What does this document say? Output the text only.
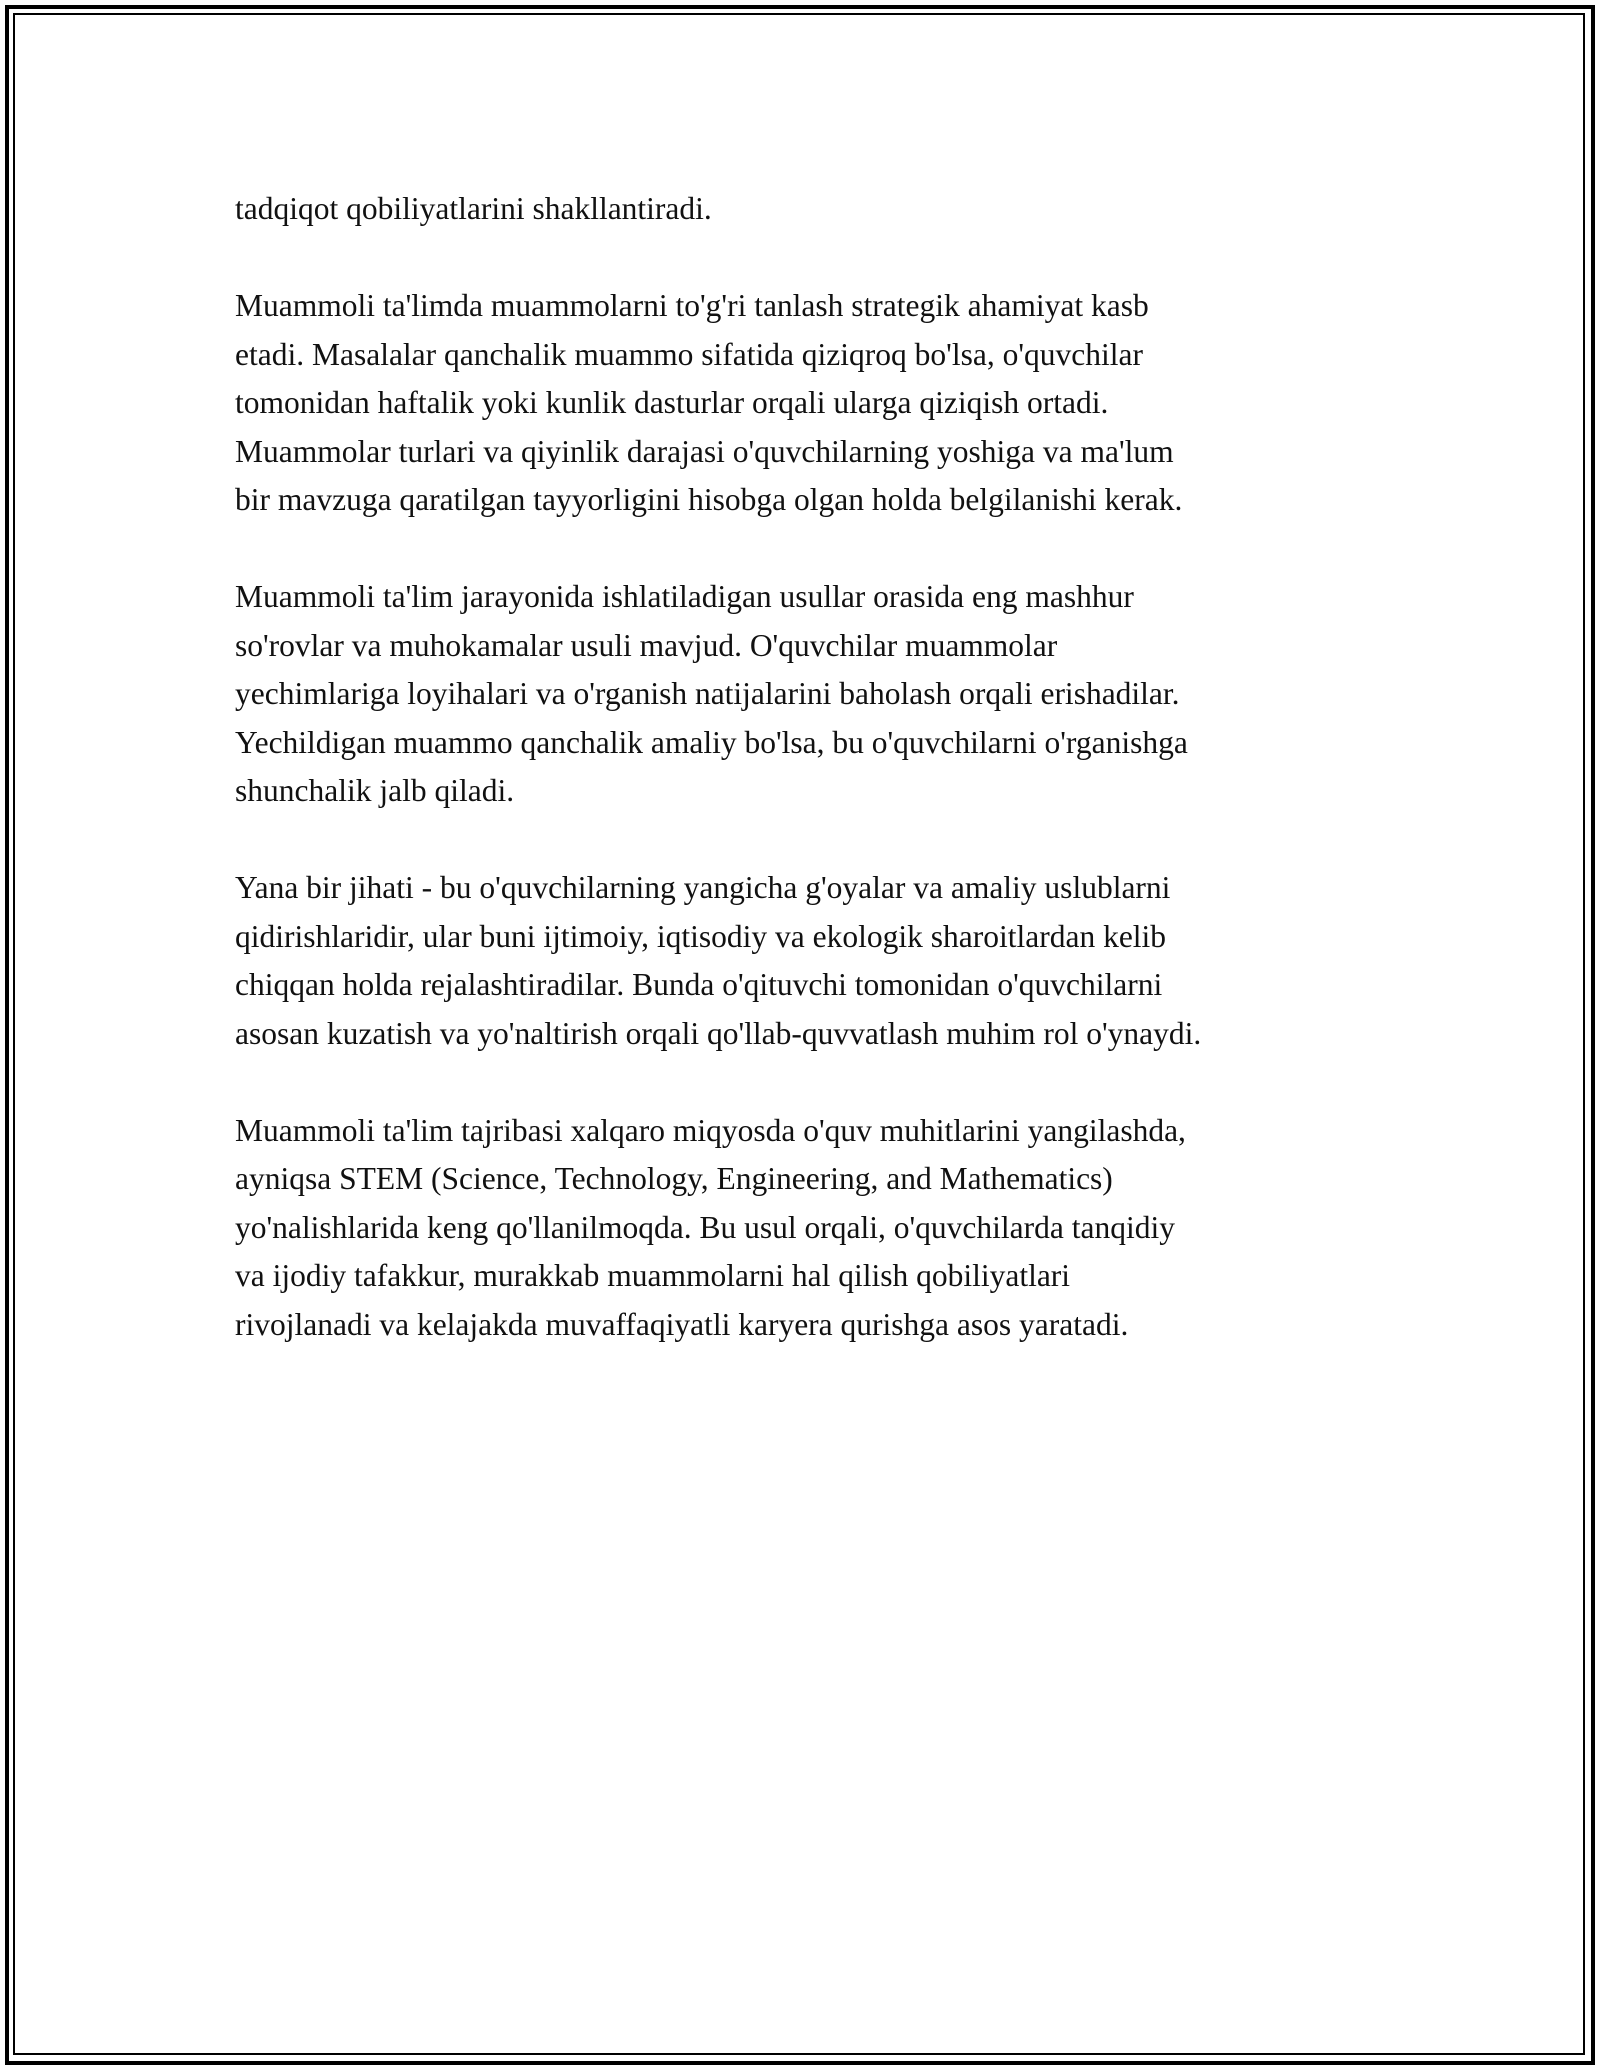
tadqiqot qobiliyatlarini shakllantiradi.

Muammoli ta'limda muammolarni to'g'ri tanlash strategik ahamiyat kasb
etadi. Masalalar qanchalik muammo sifatida qiziqroq bo'lsa, o'quvchilar
tomonidan haftalik yoki kunlik dasturlar orqali ularga qiziqish ortadi.
Muammolar turlari va qiyinlik darajasi o'quvchilarning yoshiga va ma'lum
bir mavzuga qaratilgan tayyorligini hisobga olgan holda belgilanishi kerak.

Muammoli ta'lim jarayonida ishlatiladigan usullar orasida eng mashhur
so'rovlar va muhokamalar usuli mavjud. O'quvchilar muammolar
yechimlariga loyihalari va o'rganish natijalarini baholash orqali erishadilar.
Yechildigan muammo qanchalik amaliy bo'lsa, bu o'quvchilarni o'rganishga
shunchalik jalb qiladi.

Yana bir jihati - bu o'quvchilarning yangicha g'oyalar va amaliy uslublarni
qidirishlaridir, ular buni ijtimoiy, iqtisodiy va ekologik sharoitlardan kelib
chiqqan holda rejalashtiradilar. Bunda o'qituvchi tomonidan o'quvchilarni
asosan kuzatish va yo'naltirish orqali qo'llab-quvvatlash muhim rol o'ynaydi.

Muammoli ta'lim tajribasi xalqaro miqyosda o'quv muhitlarini yangilashda,
ayniqsa STEM (Science, Technology, Engineering, and Mathematics)
yo'nalishlarida keng qo'llanilmoqda. Bu usul orqali, o'quvchilarda tanqidiy
va ijodiy tafakkur, murakkab muammolarni hal qilish qobiliyatlari
rivojlanadi va kelajakda muvaffaqiyatli karyera qurishga asos yaratadi.
